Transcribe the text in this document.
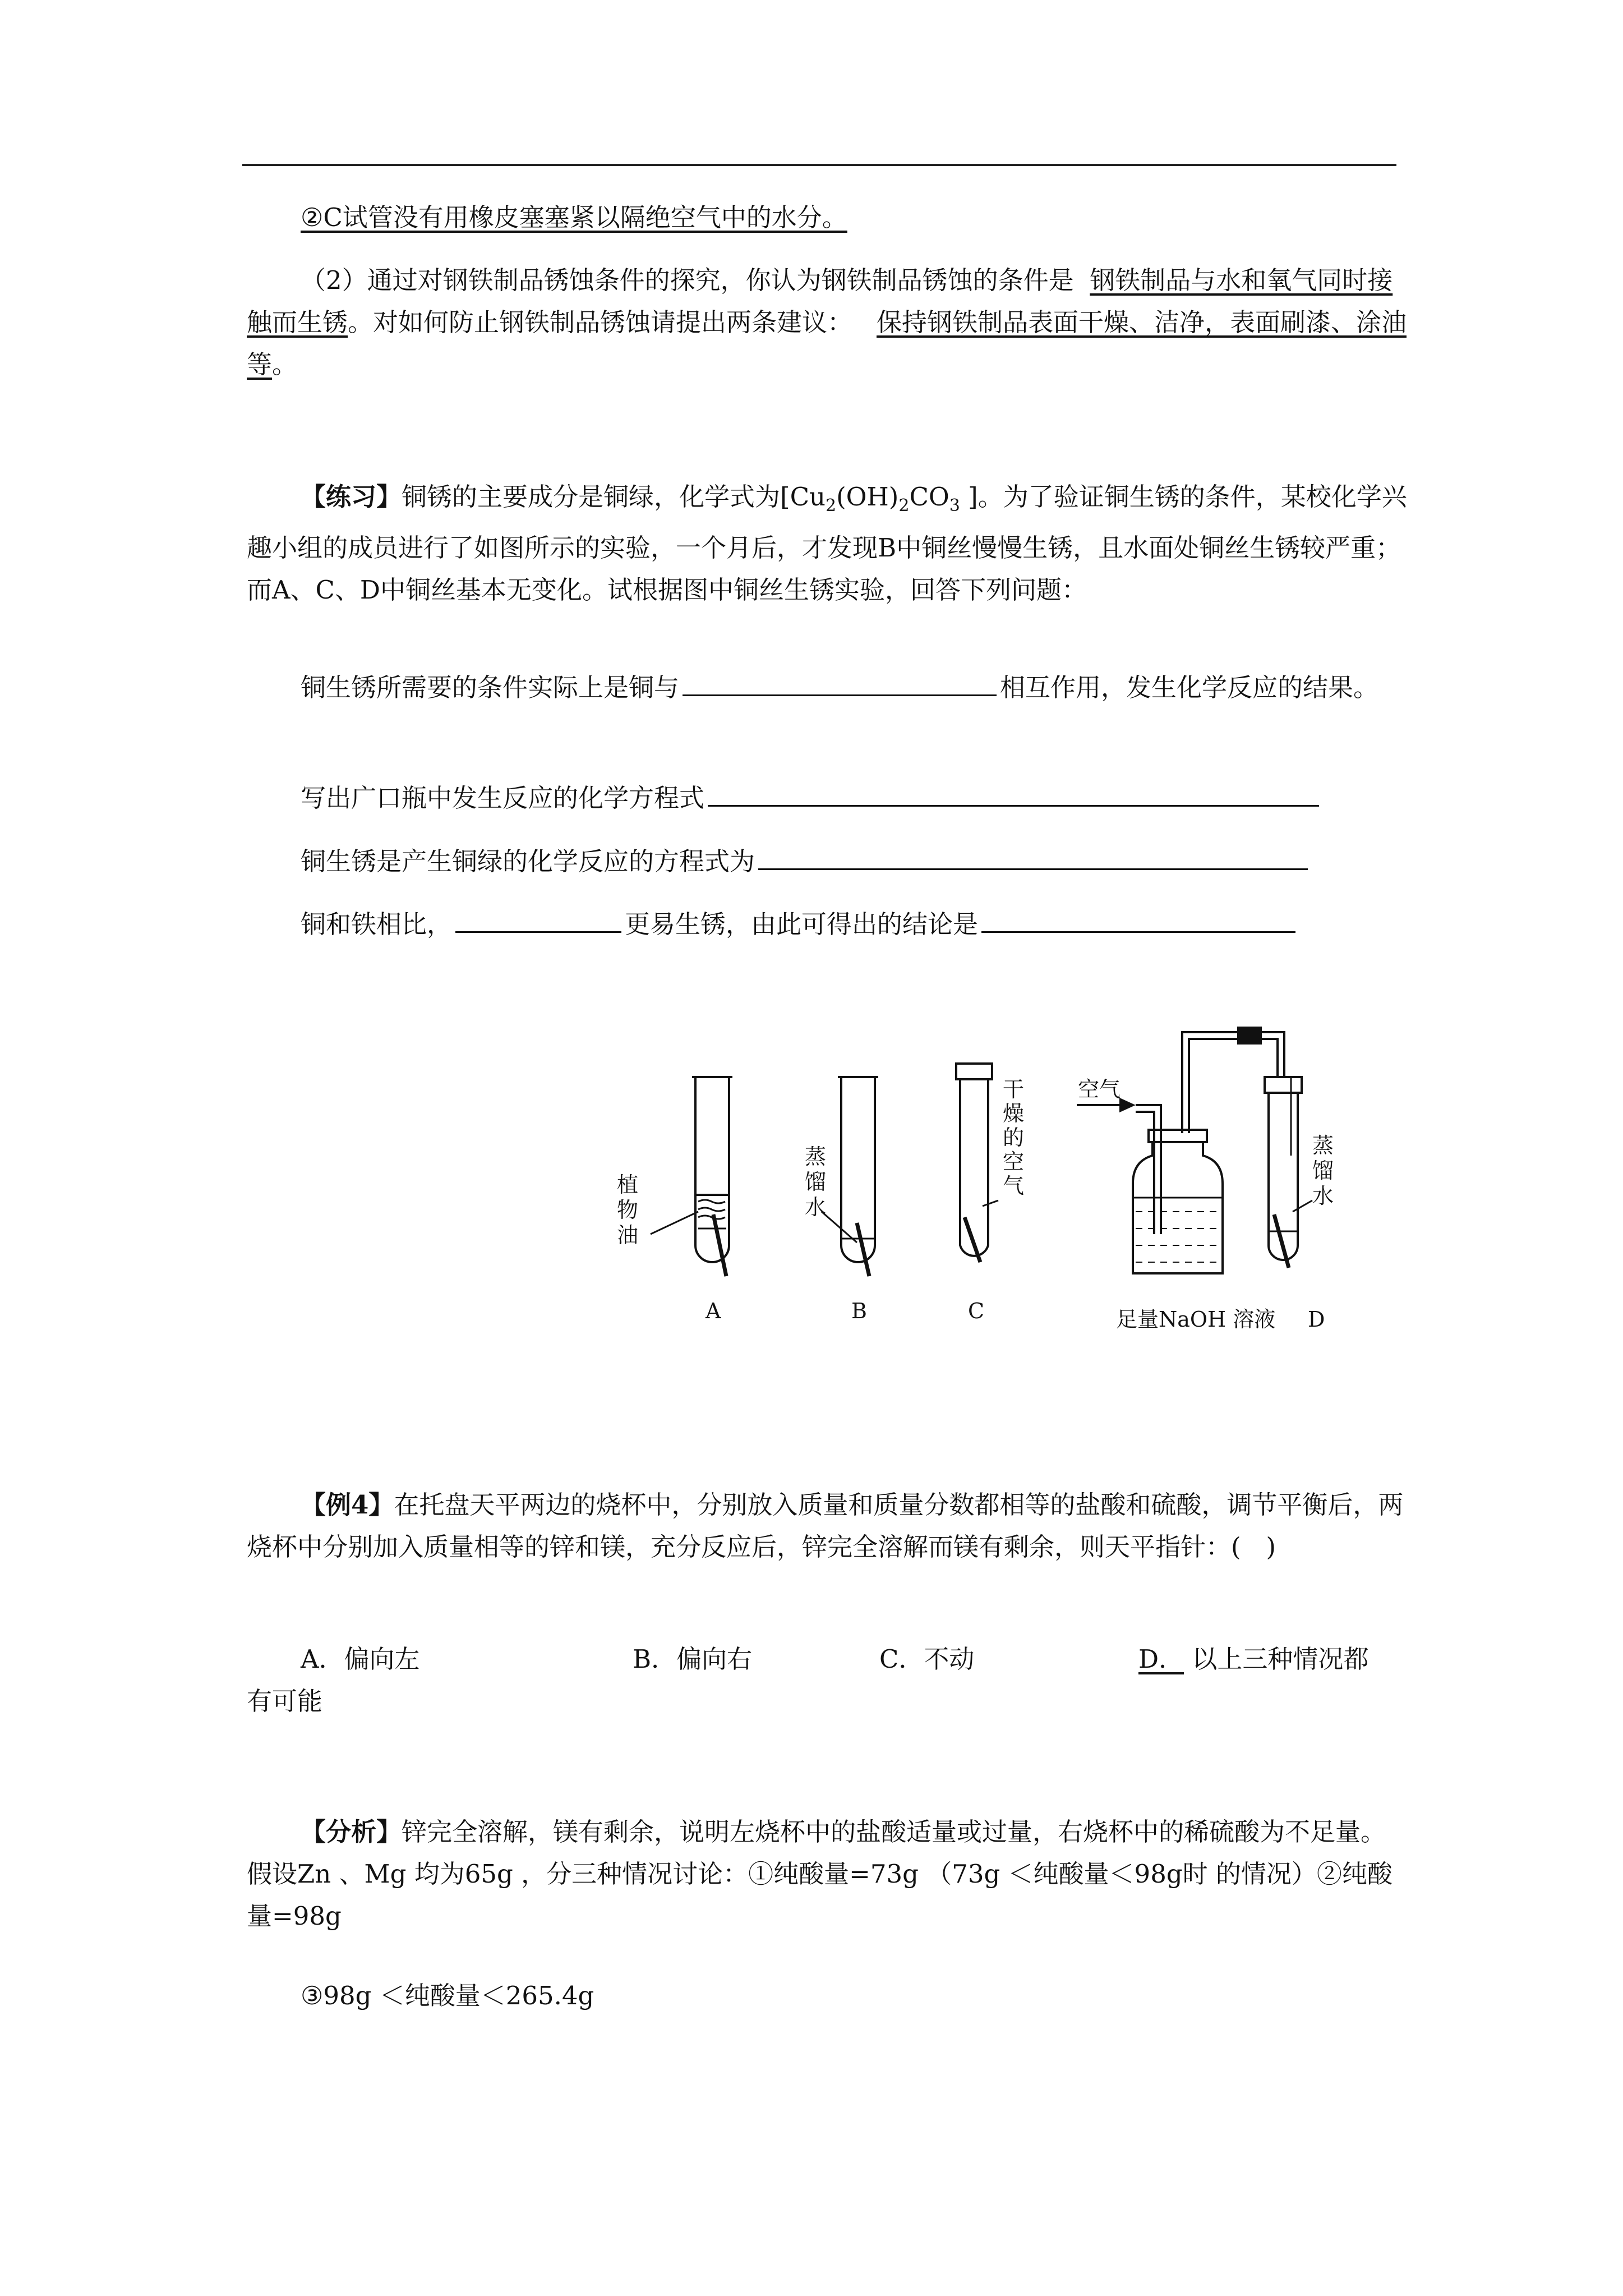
②C试管没有用橡皮塞塞紧以隔绝空气中的水分。

（2）通过对钢铁制品锈蚀条件的探究，你认为钢铁制品锈蚀的条件是 钢铁制品与水和氧气同时接触而生锈。对如何防止钢铁制品锈蚀请提出两条建议： 保持钢铁制品表面干燥、洁净，表面刷漆、涂油等。

【练习】铜锈的主要成分是铜绿，化学式为[$Cu_2(OH)_2CO_3$ ]。为了验证铜生锈的条件，某校化学兴趣小组的成员进行了如图所示的实验，一个月后，才发现B中铜丝慢慢生锈，且水面处铜丝生锈较严重；而A、C、D中铜丝基本无变化。试根据图中铜丝生锈实验，回答下列问题：

铜生锈所需要的条件实际上是铜与	相互作用，发生化学反应的结果。

写出广口瓶中发生反应的化学方程式

铜生锈是产生铜绿的化学反应的方程式为

铜和铁相比，	更易生锈，由此可得出的结论是

植
物
油
蒸
馏
水
干
燥
的
空
气
空气
蒸
馏
水
A	B	C	足量NaOH 溶液 D

【例4】在托盘天平两边的烧杯中，分别放入质量和质量分数都相等的盐酸和硫酸，调节平衡后，两烧杯中分别加入质量相等的锌和镁，充分反应后，锌完全溶解而镁有剩余，则天平指针：(　)

A．偏向左	B．偏向右	C．不动	D． 以上三种情况都
有可能

【分析】锌完全溶解，镁有剩余，说明左烧杯中的盐酸适量或过量，右烧杯中的稀硫酸为不足量。假设Zn 、Mg 均为65g ，分三种情况讨论：①纯酸量=73g （73g ＜纯酸量＜98g时 的情况）②纯酸量=98g

③98g ＜纯酸量＜265.4g
